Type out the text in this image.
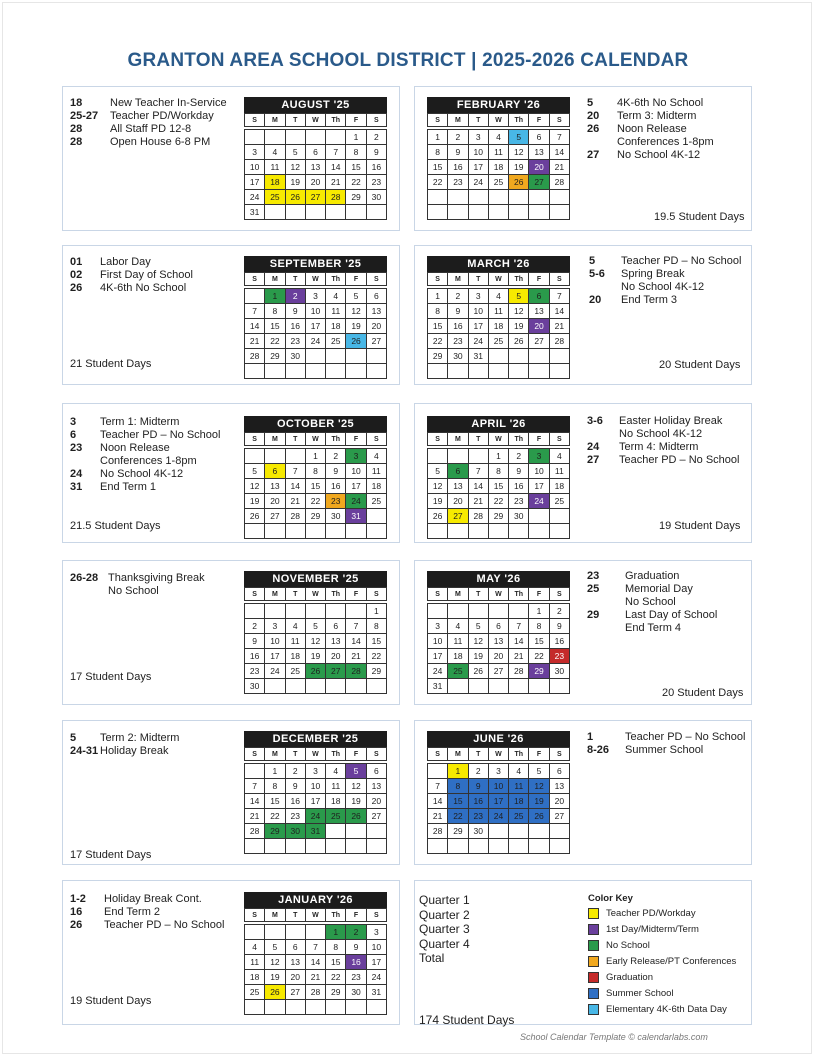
GRANTON AREA SCHOOL DISTRICT | 2025-2026 CALENDAR
18	New Teacher In-Service
25-27 Teacher PD/Workday
28	All Staff PD 12-8
28	Open House 6-8 PM
AUGUST '25
S	M	T	W	Th	F	S

					1	2
3	4	5	6	7	8	9
10	11	12	13	14	15	16
17	18	19	20	21	22	23
24	25	26	27	28	29	30
31						
01 Labor Day
02 First Day of School
26 4K-6th No School
21 Student Days
SEPTEMBER '25
S	M	T	W	Th	F	S

	1	2	3	4	5	6
7	8	9	10	11	12	13
14	15	16	17	18	19	20
21	22	23	24	25	26	27
28	29	30				

3 Term 1: Midterm
6 Teacher PD – No School
23 Noon Release
Conferences 1-8pm
24 No School 4K-12
31 End Term 1
21.5 Student Days
OCTOBER '25
S	M	T	W	Th	F	S

			1	2	3	4
5	6	7	8	9	10	11
12	13	14	15	16	17	18
19	20	21	22	23	24	25
26	27	28	29	30	31	

26-28 Thanksgiving Break
No School
17 Student Days
NOVEMBER '25
S	M	T	W	Th	F	S

						1
2	3	4	5	6	7	8
9	10	11	12	13	14	15
16	17	18	19	20	21	22
23	24	25	26	27	28	29
30						
5 Term 2: Midterm
24-31 Holiday Break
17 Student Days
DECEMBER '25
S	M	T	W	Th	F	S

	1	2	3	4	5	6
7	8	9	10	11	12	13
14	15	16	17	18	19	20
21	22	23	24	25	26	27
28	29	30	31			

1-2 Holiday Break Cont.
16 End Term 2
26 Teacher PD – No School
19 Student Days
JANUARY '26
S	M	T	W	Th	F	S

				1	2	3
4	5	6	7	8	9	10
11	12	13	14	15	16	17
18	19	20	21	22	23	24
25	26	27	28	29	30	31

FEBRUARY '26
S	M	T	W	Th	F	S

1	2	3	4	5	6	7
8	9	10	11	12	13	14
15	16	17	18	19	20	21
22	23	24	25	26	27	28

5 4K-6th No School
20 Term 3: Midterm
26 Noon Release
Conferences 1-8pm
27 No School 4K-12
19.5 Student Days
MARCH '26
S	M	T	W	Th	F	S

1	2	3	4	5	6	7
8	9	10	11	12	13	14
15	16	17	18	19	20	21
22	23	24	25	26	27	28
29	30	31				

5 Teacher PD – No School
5-6 Spring Break
No School 4K-12
20 End Term 3
20 Student Days
APRIL '26
S	M	T	W	Th	F	S

			1	2	3	4
5	6	7	8	9	10	11
12	13	14	15	16	17	18
19	20	21	22	23	24	25
26	27	28	29	30		

3-6 Easter Holiday Break
No School 4K-12
24 Term 4: Midterm
27 Teacher PD – No School
19 Student Days
MAY '26
S	M	T	W	Th	F	S

					1	2
3	4	5	6	7	8	9
10	11	12	13	14	15	16
17	18	19	20	21	22	23
24	25	26	27	28	29	30
31						
23 Graduation
25 Memorial Day
No School
29 Last Day of School
End Term 4
20 Student Days
JUNE '26
S	M	T	W	Th	F	S

	1	2	3	4	5	6
7	8	9	10	11	12	13
14	15	16	17	18	19	20
21	22	23	24	25	26	27
28	29	30				

1	Teacher PD – No School
8-26 Summer School
Quarter 1
Quarter 2
Quarter 3
Quarter 4
Total
174 Student Days
Color Key
Teacher PD/Workday
1st Day/Midterm/Term
No School
Early Release/PT Conferences
Graduation
Summer School
Elementary 4K-6th Data Day
School Calendar Template © calendarlabs.com
